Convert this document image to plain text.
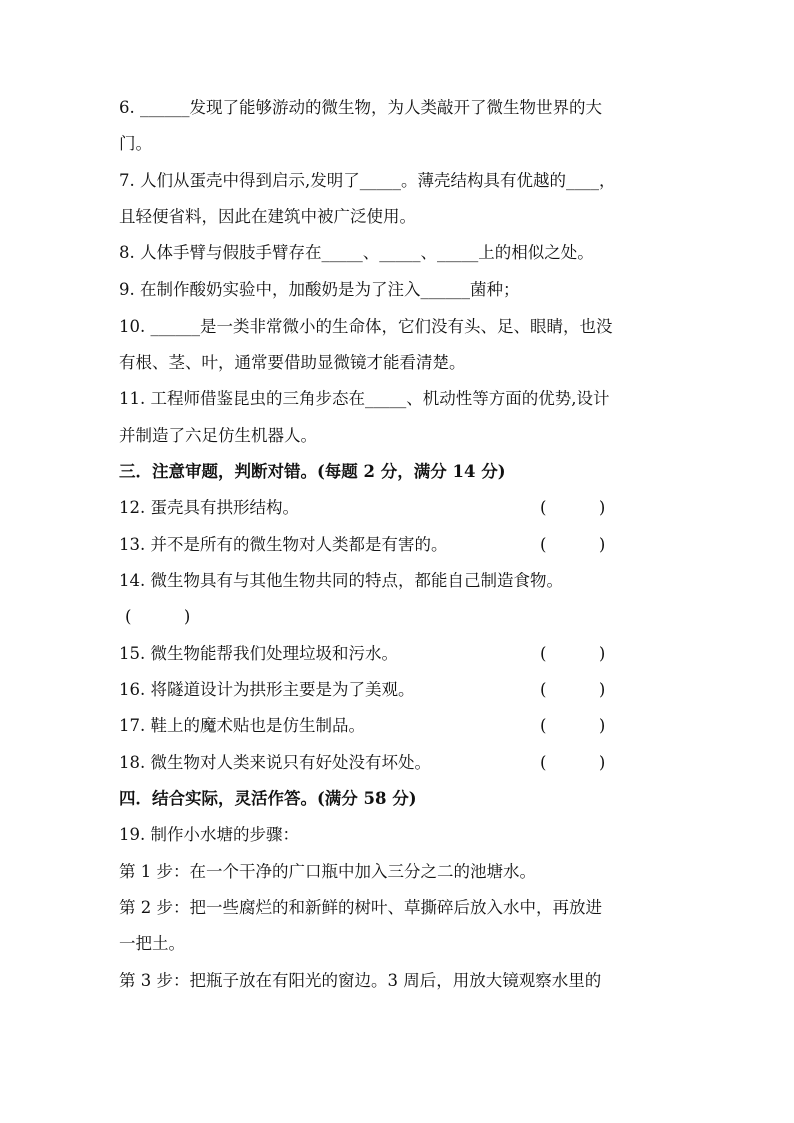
6. ______发现了能够游动的微生物，为人类敲开了微生物世界的大
门。
7. 人们从蛋壳中得到启示,发明了_____。薄壳结构具有优越的____，
且轻便省料，因此在建筑中被广泛使用。
8. 人体手臂与假肢手臂存在_____、_____、_____上的相似之处。
9. 在制作酸奶实验中，加酸奶是为了注入______菌种；
10. ______是一类非常微小的生命体，它们没有头、足、眼睛，也没
有根、茎、叶，通常要借助显微镜才能看清楚。
11. 工程师借鉴昆虫的三角步态在_____、机动性等方面的优势,设计
并制造了六足仿生机器人。
三．注意审题，判断对错。(每题 2 分，满分 14 分)
12. 蛋壳具有拱形结构。	(          )
13. 并不是所有的微生物对人类都是有害的。	(          )
14. 微生物具有与其他生物共同的特点，都能自己制造食物。
(          )
15. 微生物能帮我们处理垃圾和污水。	(          )
16. 将隧道设计为拱形主要是为了美观。	(          )
17. 鞋上的魔术贴也是仿生制品。	(          )
18. 微生物对人类来说只有好处没有坏处。	(          )
四．结合实际，灵活作答。(满分 58 分)
19. 制作小水塘的步骤：
第 1 步：在一个干净的广口瓶中加入三分之二的池塘水。
第 2 步：把一些腐烂的和新鲜的树叶、草撕碎后放入水中，再放进
一把土。
第 3 步：把瓶子放在有阳光的窗边。3 周后，用放大镜观察水里的
